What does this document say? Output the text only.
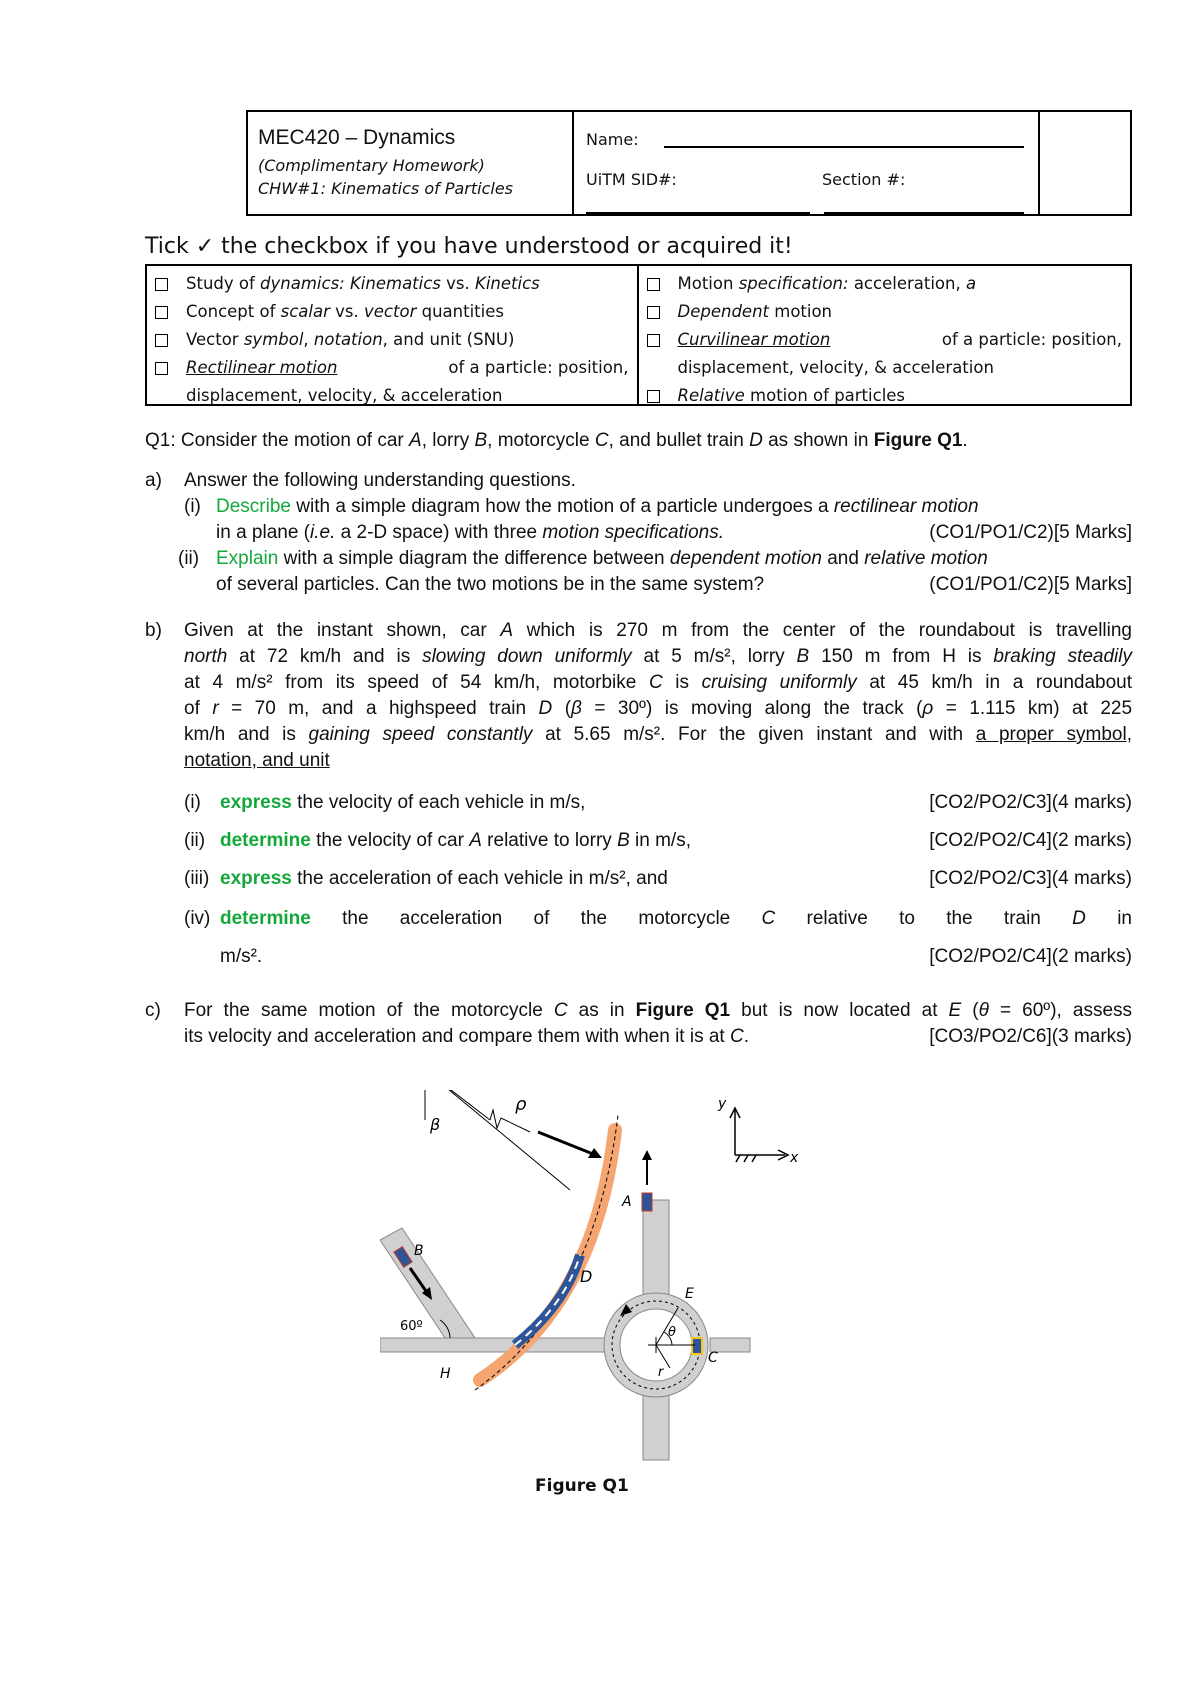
MEC420 – Dynamics
(Complimentary Homework)
CHW#1: Kinematics of Particles
Name:
UiTM SID#:	Section #:
Tick ✓ the checkbox if you have understood or acquired it!
Study of dynamics: Kinematics vs. Kinetics
Concept of scalar vs. vector quantities
Vector symbol, notation, and unit (SNU)
Rectilinear motion	of a particle: position,
displacement, velocity, & acceleration
Motion specification: acceleration, a
Dependent motion
Curvilinear motion	of a particle: position,
displacement, velocity, & acceleration
Relative motion of particles
Q1: Consider the motion of car A, lorry B, motorcycle C, and bullet train D as shown in Figure Q1.
a) Answer the following understanding questions.
(i) Describe with a simple diagram how the motion of a particle undergoes a rectilinear motion
in a plane (i.e. a 2-D space) with three motion specifications.	(CO1/PO1/C2)[5 Marks]
(ii) Explain with a simple diagram the difference between dependent motion and relative motion
of several particles. Can the two motions be in the same system?	(CO1/PO1/C2)[5 Marks]
b) Given at the instant shown, car A which is 270 m from the center of the roundabout is travelling
north at 72 km/h and is slowing down uniformly at 5 m/s², lorry B 150 m from H is braking steadily
at 4 m/s² from its speed of 54 km/h, motorbike C is cruising uniformly at 45 km/h in a roundabout
of r = 70 m, and a highspeed train D (β = 30º) is moving along the track (ρ = 1.115 km) at 225
km/h and is gaining speed constantly at 5.65 m/s². For the given instant and with a proper symbol,
notation, and unit
(i) express the velocity of each vehicle in m/s,	[CO2/PO2/C3](4 marks)
(ii) determine the velocity of car A relative to lorry B in m/s,	[CO2/PO2/C4](2 marks)
(iii) express the acceleration of each vehicle in m/s², and	[CO2/PO2/C3](4 marks)
(iv) determine the acceleration of the motorcycle C relative to the train D in
m/s².	[CO2/PO2/C4](2 marks)
c) For the same motion of the motorcycle C as in Figure Q1 but is now located at E (θ = 60º), assess
its velocity and acceleration and compare them with when it is at C.	[CO3/PO2/C6](3 marks)
ρ
β
A
B
D
E
C
H
θ
r
x
y
60º
Figure Q1
